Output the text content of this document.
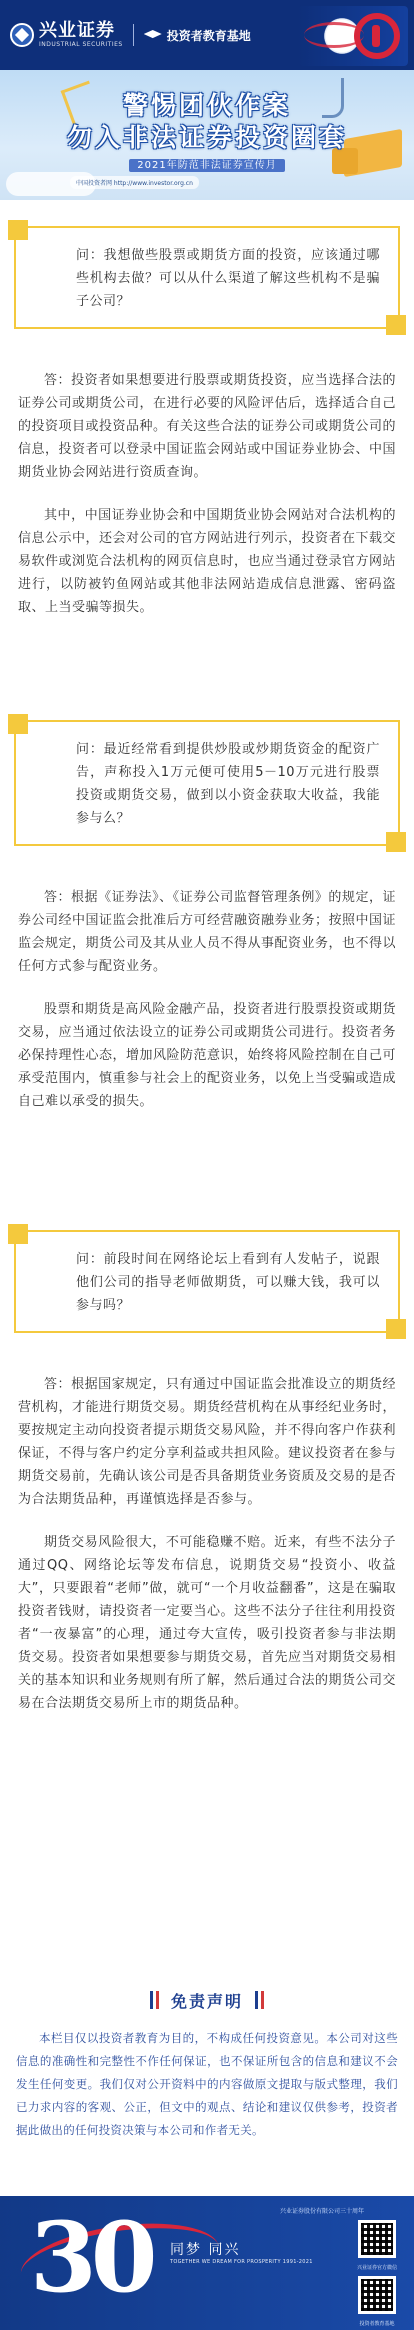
兴业证券
INDUSTRIAL SECURITIES
投资者教育基地
警惕团伙作案
勿入非法证券投资圈套
2021年防范非法证券宣传月
中国投资者网 http://www.investor.org.cn

问：我想做些股票或期货方面的投资，应该通过哪些机构去做？可以从什么渠道了解这些机构不是骗子公司？

答：投资者如果想要进行股票或期货投资，应当选择合法的证券公司或期货公司，在进行必要的风险评估后，选择适合自己的投资项目或投资品种。有关这些合法的证券公司或期货公司的信息，投资者可以登录中国证监会网站或中国证券业协会、中国期货业协会网站进行资质查询。

其中，中国证券业协会和中国期货业协会网站对合法机构的信息公示中，还会对公司的官方网站进行列示，投资者在下载交易软件或浏览合法机构的网页信息时，也应当通过登录官方网站进行，以防被钓鱼网站或其他非法网站造成信息泄露、密码盗取、上当受骗等损失。

问：最近经常看到提供炒股或炒期货资金的配资广告，声称投入1万元便可使用5－10万元进行股票投资或期货交易，做到以小资金获取大收益，我能参与么？

答：根据《证券法》、《证券公司监督管理条例》的规定，证券公司经中国证监会批准后方可经营融资融券业务；按照中国证监会规定，期货公司及其从业人员不得从事配资业务，也不得以任何方式参与配资业务。

股票和期货是高风险金融产品，投资者进行股票投资或期货交易，应当通过依法设立的证券公司或期货公司进行。投资者务必保持理性心态，增加风险防范意识，始终将风险控制在自己可承受范围内，慎重参与社会上的配资业务，以免上当受骗或造成自己难以承受的损失。

问：前段时间在网络论坛上看到有人发帖子，说跟他们公司的指导老师做期货，可以赚大钱，我可以参与吗？

答：根据国家规定，只有通过中国证监会批准设立的期货经营机构，才能进行期货交易。期货经营机构在从事经纪业务时，要按规定主动向投资者提示期货交易风险，并不得向客户作获利保证，不得与客户约定分享利益或共担风险。建议投资者在参与期货交易前，先确认该公司是否具备期货业务资质及交易的是否为合法期货品种，再谨慎选择是否参与。

期货交易风险很大，不可能稳赚不赔。近来，有些不法分子通过QQ、网络论坛等发布信息，说期货交易“投资小、收益大”，只要跟着“老师”做，就可“一个月收益翻番”，这是在骗取投资者钱财，请投资者一定要当心。这些不法分子往往利用投资者“一夜暴富”的心理，通过夸大宣传，吸引投资者参与非法期货交易。投资者如果想要参与期货交易，首先应当对期货交易相关的基本知识和业务规则有所了解，然后通过合法的期货公司交易在合法期货交易所上市的期货品种。

免责声明

本栏目仅以投资者教育为目的，不构成任何投资意见。本公司对这些信息的准确性和完整性不作任何保证，也不保证所包含的信息和建议不会发生任何变更。我们仅对公开资料中的内容做原文提取与版式整理，我们已力求内容的客观、公正，但文中的观点、结论和建议仅供参考，投资者据此做出的任何投资决策与本公司和作者无关。

30 同梦 同兴
TOGETHER WE DREAM FOR PROSPERITY 1991-2021
兴业证券股份有限公司三十周年
兴业证券官方微信
投资者教育基地
